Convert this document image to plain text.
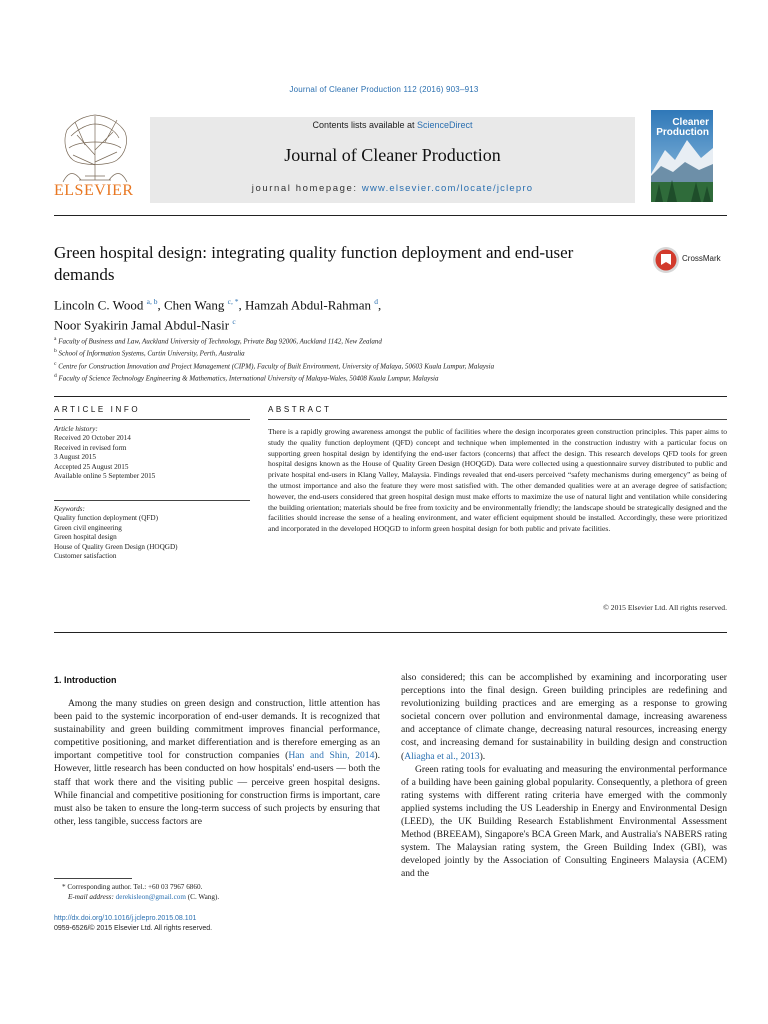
Journal of Cleaner Production 112 (2016) 903–913
ELSEVIER
Contents lists available at ScienceDirect
Journal of Cleaner Production
journal homepage: www.elsevier.com/locate/jclepro
Cleaner
Production
Green hospital design: integrating quality function deployment and end-user demands
CrossMark
Lincoln C. Wood $^{a, b}$, Chen Wang $^{c, *}$, Hamzah Abdul-Rahman $^d$,
Noor Syakirin Jamal Abdul-Nasir $^c$
$^a$ Faculty of Business and Law, Auckland University of Technology, Private Bag 92006, Auckland 1142, New Zealand
$^b$ School of Information Systems, Curtin University, Perth, Australia
$^c$ Centre for Construction Innovation and Project Management (CIPM), Faculty of Built Environment, University of Malaya, 50603 Kuala Lumpur, Malaysia
$^d$ Faculty of Science Technology Engineering & Mathematics, International University of Malaya-Wales, 50408 Kuala Lumpur, Malaysia
ARTICLE INFO
Article history:
Received 20 October 2014
Received in revised form
3 August 2015
Accepted 25 August 2015
Available online 5 September 2015
Keywords:
Quality function deployment (QFD)
Green civil engineering
Green hospital design
House of Quality Green Design (HOQGD)
Customer satisfaction
ABSTRACT
There is a rapidly growing awareness amongst the public of facilities where the design incorporates green construction principles. This paper aims to study the quality function deployment (QFD) concept and technique when implemented in the construction industry with a particular focus on supporting green hospital design by identifying the end-user factors (concerns) that affect the design. This research develops QFD tools for green hospital designs known as the House of Quality Green Design (HOQGD). Data were collected using a questionnaire survey distributed to public and private hospital end-users in Klang Valley, Malaysia. Findings revealed that end-users perceived “safety mechanisms during emergency” as being of the utmost importance and also the feature they were most satisfied with. The other demanded qualities were at an average degree of satisfaction; however, the end-users considered that green hospital design must make efforts to maximize the use of natural light and ventilation while considering the building orientation; materials should be free from toxicity and be environmentally friendly; the landscape should be strategically designed and the facilities should increase the sense of a healing environment, and water efficient equipment should be installed. Accordingly, these were prioritized and incorporated in the developed HOQGD to inform green hospital design for both public and private facilities.
© 2015 Elsevier Ltd. All rights reserved.
1. Introduction

Among the many studies on green design and construction, little attention has been paid to the systemic incorporation of end-user demands. It is recognized that sustainability and green building commitment improves financial performance, competitive positioning, and market differentiation and is therefore emerging as an important competitive tool for construction companies (Han and Shin, 2014). However, little research has been conducted on how hospitals' end-users — both the staff that work there and the visiting public — perceive green hospital designs. While financial and competitive positioning for construction firms is important, care must also be taken to ensure the long-term success of such projects by ensuring that other, less tangible, success factors are

also considered; this can be accomplished by examining and incorporating user perceptions into the final design. Green building principles are redefining and revolutionizing building practices and are emerging as a response to growing societal concern over pollution and environmental damage, increasing awareness and acceptance of climate change, decreasing natural resources, increasing energy cost, and increasing demand for sustainability in building design and construction (Aliagha et al., 2013).

Green rating tools for evaluating and measuring the environmental performance of a building have been gaining global popularity. Consequently, a plethora of green rating systems with different rating criteria have emerged with the commonly applied systems including the US Leadership in Energy and Environmental Design (LEED), the UK Building Research Establishment Environmental Assessment Method (BREEAM), Singapore's BCA Green Mark, and Australia's NABERS rating system. The Malaysian rating system, the Green Building Index (GBI), was developed jointly by the Association of Consulting Engineers Malaysia (ACEM) and the

* Corresponding author. Tel.: +60 03 7967 6860.
E-mail address: derekisleon@gmail.com (C. Wang).
http://dx.doi.org/10.1016/j.jclepro.2015.08.101
0959-6526/© 2015 Elsevier Ltd. All rights reserved.
